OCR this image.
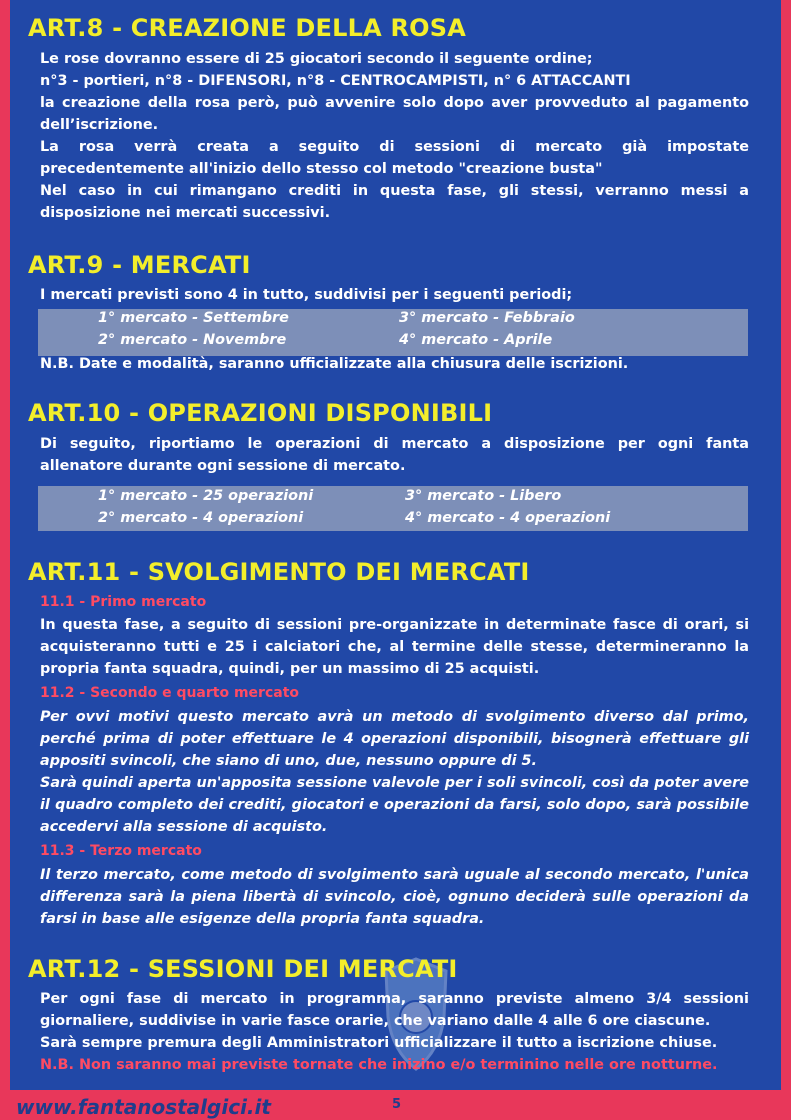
ART.8 - CREAZIONE DELLA ROSA
Le rose dovranno essere di 25 giocatori secondo il seguente ordine;
n°3 - portieri, n°8 - DIFENSORI, n°8 - CENTROCAMPISTI, n° 6 ATTACCANTI
la creazione della rosa però, può avvenire solo dopo aver provveduto al pagamento
dell’iscrizione.
La rosa verrà creata a seguito di sessioni di mercato già impostate
precedentemente all'inizio dello stesso col metodo "creazione busta"
Nel caso in cui rimangano crediti in questa fase, gli stessi, verranno messi a
disposizione nei mercati successivi.
ART.9 - MERCATI
I mercati previsti sono 4 in tutto, suddivisi per i seguenti periodi;
1° mercato - Settembre	3° mercato - Febbraio
2° mercato - Novembre	4° mercato - Aprile
N.B. Date e modalità, saranno ufficializzate alla chiusura delle iscrizioni.
ART.10 - OPERAZIONI DISPONIBILI
Di seguito, riportiamo le operazioni di mercato a disposizione per ogni fanta
allenatore durante ogni sessione di mercato.
1° mercato - 25 operazioni	3° mercato - Libero
2° mercato - 4 operazioni	4° mercato - 4 operazioni
ART.11 - SVOLGIMENTO DEI MERCATI
11.1 - Primo mercato
In questa fase, a seguito di sessioni pre-organizzate in determinate fasce di orari, si
acquisteranno tutti e 25 i calciatori che, al termine delle stesse, determineranno la
propria fanta squadra, quindi, per un massimo di 25 acquisti.
11.2 - Secondo e quarto mercato
Per ovvi motivi questo mercato avrà un metodo di svolgimento diverso dal primo,
perché prima di poter effettuare le 4 operazioni disponibili, bisognerà effettuare gli
appositi svincoli, che siano di uno, due, nessuno oppure di 5.
Sarà quindi aperta un'apposita sessione valevole per i soli svincoli, così da poter avere
il quadro completo dei crediti, giocatori e operazioni da farsi, solo dopo, sarà possibile
accedervi alla sessione di acquisto.
11.3 - Terzo mercato
Il terzo mercato, come metodo di svolgimento sarà uguale al secondo mercato, l'unica
differenza sarà la piena libertà di svincolo, cioè, ognuno deciderà sulle operazioni da
farsi in base alle esigenze della propria fanta squadra.
ART.12 - SESSIONI DEI MERCATI
Per ogni fase di mercato in programma, saranno previste almeno 3/4 sessioni
giornaliere, suddivise in varie fasce orarie, che variano dalle 4 alle 6 ore ciascune.
Sarà sempre premura degli Amministratori ufficializzare il tutto a iscrizione chiuse.
N.B. Non saranno mai previste tornate che inizino e/o terminino nelle ore notturne.
www.fantanostalgici.it	5
